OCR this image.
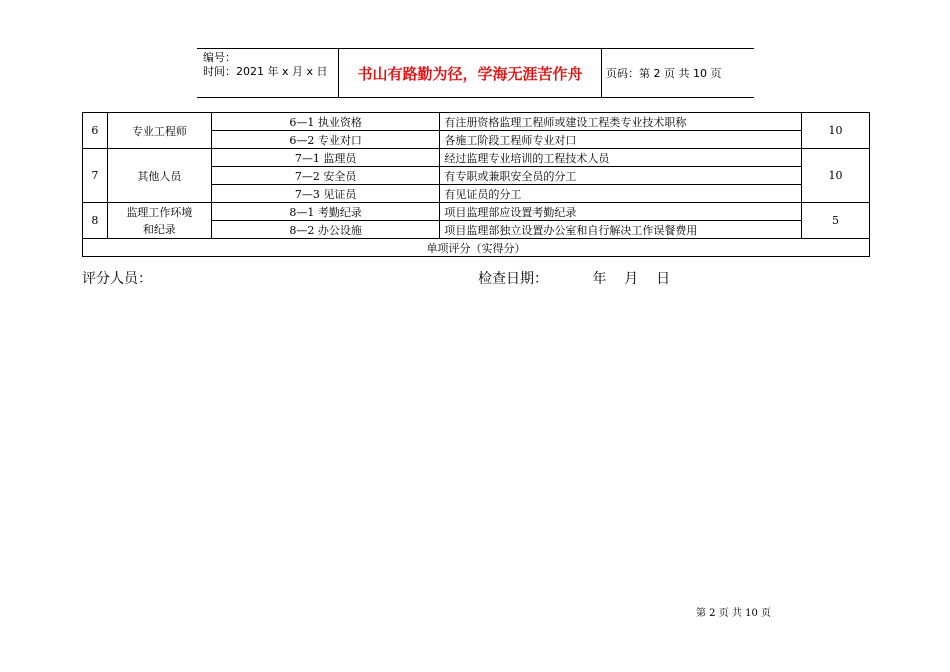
编号：
时间：2021 年 x 月 x 日	书山有路勤为径，学海无涯苦作舟	页码：第 2 页 共 10 页
6	专业工程师	6—1 执业资格	有注册资格监理工程师或建设工程类专业技术职称	10
		6—2 专业对口	各施工阶段工程师专业对口	
7	其他人员	7—1 监理员	经过监理专业培训的工程技术人员	10
		7—2 安全员	有专职或兼职安全员的分工	
		7—3 见证员	有见证员的分工	
8	监理工作环境
和纪录	8—1 考勤纪录	项目监理部应设置考勤纪录	5
		8—2 办公设施	项目监理部独立设置办公室和自行解决工作误餐费用	
单项评分（实得分）				
评分人员：	检查日期：          年    月    日
第 2 页 共 10 页
